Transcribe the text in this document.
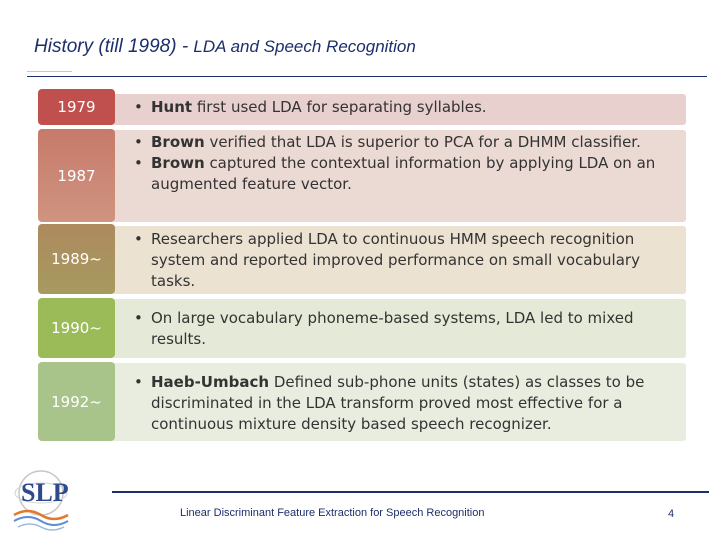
History (till 1998) - LDA and Speech Recognition
1979
•	Hunt first used LDA for separating syllables.
1987
• Brown verified that LDA is superior to PCA for a DHMM classifier.
• Brown captured the contextual information by applying LDA on an augmented feature vector.
1989~
• Researchers applied LDA to continuous HMM speech recognition system and reported improved performance on small vocabulary tasks.
1990~
• On large vocabulary phoneme-based systems, LDA led to mixed results.
1992~
• Haeb-Umbach Defined sub-phone units (states) as classes to be discriminated in the LDA transform proved most effective for a continuous mixture density based speech recognizer.
SLP
Linear Discriminant Feature Extraction for Speech Recognition	4
